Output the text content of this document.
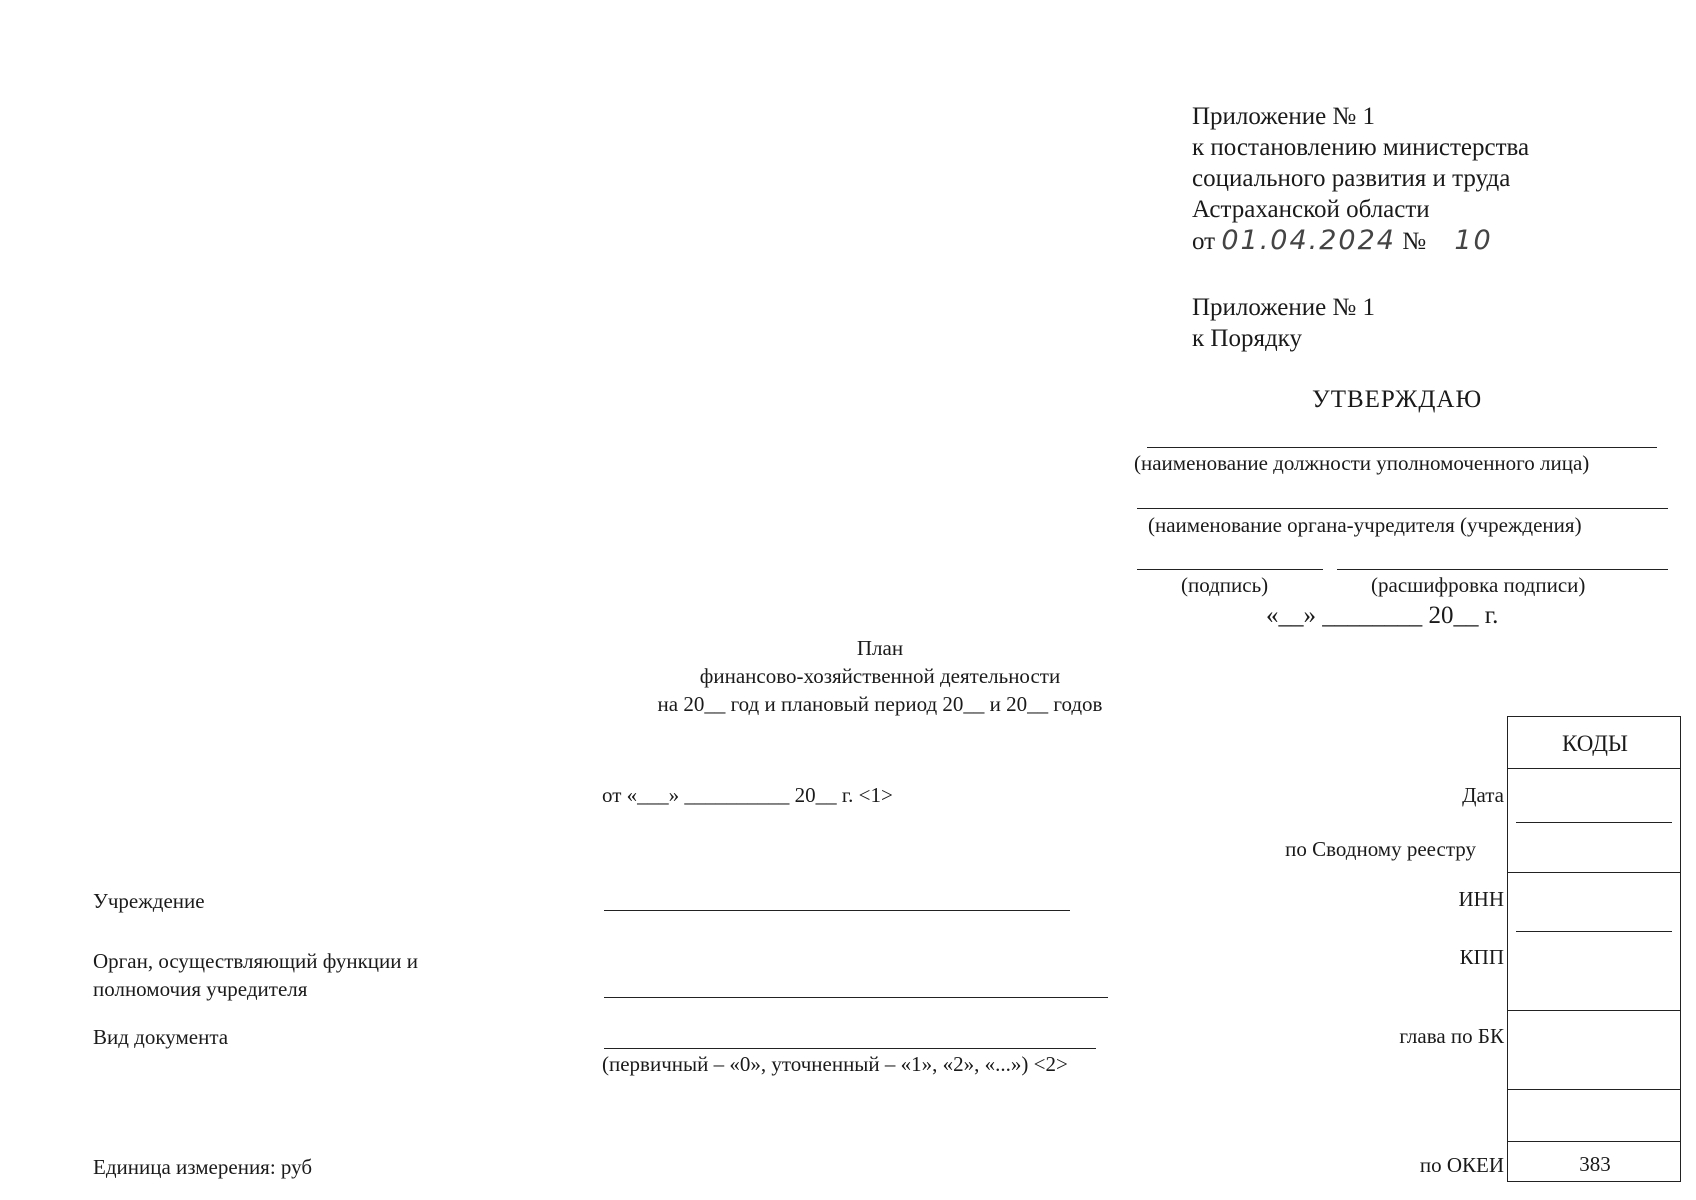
Приложение № 1
к постановлению министерства
социального развития и труда
Астраханской области
от 01.04.2024 № 10
Приложение № 1
к Порядку
УТВЕРЖДАЮ
(наименование должности уполномоченного лица)
(наименование органа-учредителя (учреждения)
(подпись)	(расшифровка подписи)
«__» ________ 20__ г.
План
финансово-хозяйственной деятельности
на 20__ год и плановый период 20__ и 20__ годов
от «___» __________ 20__ г. <1>
Учреждение
Орган, осуществляющий функции и
полномочия учредителя
Вид документа
(первичный – «0», уточненный – «1», «2», «...») <2>
Единица измерения: руб
Дата
по Сводному реестру
ИНН
КПП
глава по БК
по ОКЕИ
КОДЫ
383
